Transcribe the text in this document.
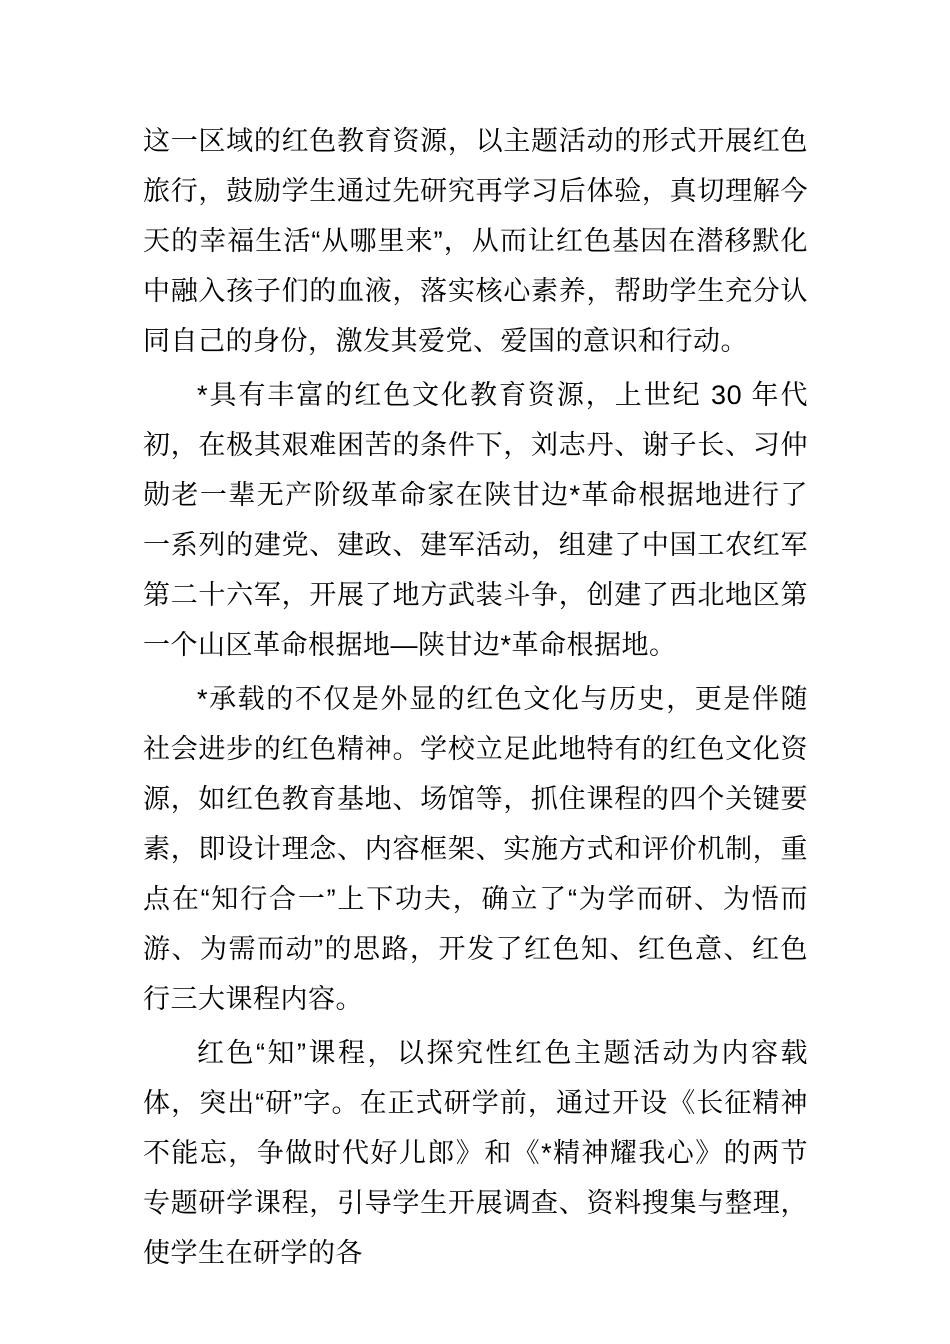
这一区域的红色教育资源，以主题活动的形式开展红色旅行，鼓励学生通过先研究再学习后体验，真切理解今天的幸福生活“从哪里来”，从而让红色基因在潜移默化中融入孩子们的血液，落实核心素养，帮助学生充分认同自己的身份，激发其爱党、爱国的意识和行动。

*具有丰富的红色文化教育资源，上世纪 30 年代初，在极其艰难困苦的条件下，刘志丹、谢子长、习仲勋老一辈无产阶级革命家在陕甘边*革命根据地进行了一系列的建党、建政、建军活动，组建了中国工农红军第二十六军，开展了地方武装斗争，创建了西北地区第一个山区革命根据地—陕甘边*革命根据地。

*承载的不仅是外显的红色文化与历史，更是伴随社会进步的红色精神。学校立足此地特有的红色文化资源，如红色教育基地、场馆等，抓住课程的四个关键要素，即设计理念、内容框架、实施方式和评价机制，重点在“知行合一”上下功夫，确立了“为学而研、为悟而游、为需而动”的思路，开发了红色知、红色意、红色行三大课程内容。

红色“知”课程，以探究性红色主题活动为内容载体，突出“研”字。在正式研学前，通过开设《长征精神不能忘，争做时代好儿郎》和《*精神耀我心》的两节专题研学课程，引导学生开展调查、资料搜集与整理，使学生在研学的各
